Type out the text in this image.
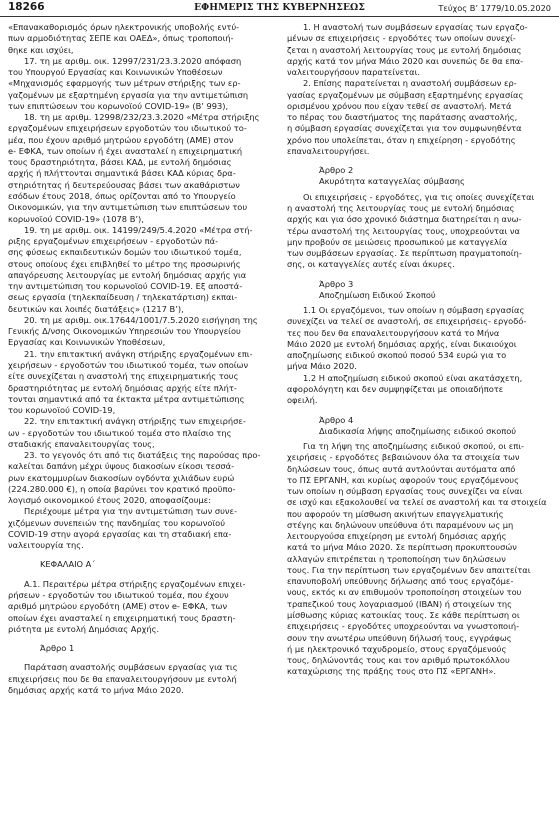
18266	ΕΦΗΜΕΡΙΣ ΤΗΣ ΚΥΒΕΡΝΗΣΕΩΣ	Τεύχος B’ 1779/10.05.2020
«Επανακαθορισμός όρων ηλεκτρονικής υποβολής εντύ-
πων αρμοδιότητας ΣΕΠΕ και ΟΑΕΔ», όπως τροποποιή-
θηκε και ισχύει,
17. τη με αριθμ. οικ. 12997/231/23.3.2020 απόφαση
του Υπουργού Εργασίας και Κοινωνικών Υποθέσεων
«Μηχανισμός εφαρμογής των μέτρων στήριξης των ερ-
γαζομένων με εξαρτημένη εργασία για την αντιμετώπιση
των επιπτώσεων του κορωνοϊού COVID-19» (Β’ 993),
18. τη με αριθμ. 12998/232/23.3.2020 «Μέτρα στήριξης
εργαζομένων επιχειρήσεων εργοδοτών του ιδιωτικού το-
μέα, που έχουν αριθμό μητρώου εργοδότη (ΑΜΕ) στον
e- ΕΦΚΑ, των οποίων ή έχει ανασταλεί η επιχειρηματική
τους δραστηριότητα, βάσει ΚΑΔ, με εντολή δημόσιας
αρχής ή πλήττονται σημαντικά βάσει ΚΑΔ κύριας δρα-
στηριότητας ή δευτερεύουσας βάσει των ακαθάριστων
εσόδων έτους 2018, όπως ορίζονται από το Υπουργείο
Οικονομικών, για την αντιμετώπιση των επιπτώσεων του
κορωνοϊού COVID-19» (1078 Β’),
19. τη με αριθμ. οικ. 14199/249/5.4.2020 «Μέτρα στή-
ριξης εργαζομένων επιχειρήσεων - εργοδοτών πά-
σης φύσεως εκπαιδευτικών δομών του ιδιωτικού τομέα,
στους οποίους έχει επιβληθεί το μέτρο της προσωρινής
απαγόρευσης λειτουργίας με εντολή δημόσιας αρχής για
την αντιμετώπιση του κορωνοϊού COVID-19. Εξ αποστά-
σεως εργασία (τηλεκπαίδευση / τηλεκατάρτιση) εκπαι-
δευτικών και λοιπές διατάξεις» (1217 Β’),
20. τη με αριθμ. οικ.17644/1001/7.5.2020 εισήγηση της
Γενικής Δ/νσης Οικονομικών Υπηρεσιών του Υπουργείου
Εργασίας και Κοινωνικών Υποθέσεων,
21. την επιτακτική ανάγκη στήριξης εργαζομένων επι-
χειρήσεων - εργοδοτών του ιδιωτικού τομέα, των οποίων
είτε συνεχίζεται η αναστολή της επιχειρηματικής τους
δραστηριότητας με εντολή δημόσιας αρχής είτε πλήτ-
τονται σημαντικά από τα έκτακτα μέτρα αντιμετώπισης
του κορωνοϊού COVID-19,
22. την επιτακτική ανάγκη στήριξης των επιχειρήσε-
ων - εργοδοτών του ιδιωτικού τομέα στο πλαίσιο της
σταδιακής επαναλειτουργίας τους,
23. το γεγονός ότι από τις διατάξεις της παρούσας προ-
καλείται δαπάνη μέχρι ύψους διακοσίων είκοσι τεσσά-
ρων εκατομμυρίων διακοσίων ογδόντα χιλιάδων ευρώ
(224.280.000 €), η οποία βαρύνει τον κρατικό προϋπο-
λογισμό οικονομικού έτους 2020, αποφασίζουμε:
Περιέχουμε μέτρα για την αντιμετώπιση των συνε-
χιζόμενων συνεπειών της πανδημίας του κορωνοϊού
COVID-19 στην αγορά εργασίας και τη σταδιακή επα-
ναλειτουργία της.
ΚΕΦΑΛΑΙΟ Α΄
Α.1. Περαιτέρω μέτρα στήριξης εργαζομένων επιχει-
ρήσεων - εργοδοτών του ιδιωτικού τομέα, που έχουν
αριθμό μητρώου εργοδότη (ΑΜΕ) στον e- ΕΦΚΑ, των
οποίων έχει ανασταλεί η επιχειρηματική τους δραστη-
ριότητα με εντολή Δημόσιας Αρχής.
Άρθρο 1
Παράταση αναστολής συμβάσεων εργασίας για τις
επιχειρήσεις που δε θα επαναλειτουργήσουν με εντολή
δημόσιας αρχής κατά το μήνα Μάιο 2020.
1. Η αναστολή των συμβάσεων εργασίας των εργαζο-
μένων σε επιχειρήσεις - εργοδότες των οποίων συνεχί-
ζεται η αναστολή λειτουργίας τους με εντολή δημόσιας
αρχής κατά τον μήνα Μάιο 2020 και συνεπώς δε θα επα-
ναλειτουργήσουν παρατείνεται.
2. Επίσης παρατείνεται η αναστολή συμβάσεων ερ-
γασίας εργαζομένων με σύμβαση εξαρτημένης εργασίας
ορισμένου χρόνου που είχαν τεθεί σε αναστολή. Μετά
το πέρας του διαστήματος της παράτασης αναστολής,
η σύμβαση εργασίας συνεχίζεται για τον συμφωνηθέντα
χρόνο που υπολείπεται, όταν η επιχείρηση - εργοδότης
επαναλειτουργήσει.
Άρθρο 2
Ακυρότητα καταγγελίας σύμβασης
Οι επιχειρήσεις - εργοδότες, για τις οποίες συνεχίζεται
η αναστολή της λειτουργίας τους με εντολή δημόσιας
αρχής και για όσο χρονικό διάστημα διατηρείται η ανω-
τέρω αναστολή της λειτουργίας τους, υποχρεούνται να
μην προβούν σε μειώσεις προσωπικού με καταγγελία
των συμβάσεων εργασίας. Σε περίπτωση πραγματοποίη-
σης, οι καταγγελίες αυτές είναι άκυρες.
Άρθρο 3
Αποζημίωση Ειδικού Σκοπού
1.1 Οι εργαζόμενοι, των οποίων η σύμβαση εργασίας
συνεχίζει να τελεί σε αναστολή, σε επιχειρήσεις- εργοδό-
τες που δεν θα επαναλειτουργήσουν κατά το Μήνα
Μάιο 2020 με εντολή δημόσιας αρχής, είναι δικαιούχοι
αποζημίωσης ειδικού σκοπού ποσού 534 ευρώ για το
μήνα Μάιο 2020.
1.2 Η αποζημίωση ειδικού σκοπού είναι ακατάσχετη,
αφορολόγητη και δεν συμψηφίζεται με οποιαδήποτε
οφειλή.
Άρθρο 4
Διαδικασία λήψης αποζημίωσης ειδικού σκοπού
Για τη λήψη της αποζημίωσης ειδικού σκοπού, οι επι-
χειρήσεις - εργοδότες βεβαιώνουν όλα τα στοιχεία των
δηλώσεων τους, όπως αυτά αντλούνται αυτόματα από
το ΠΣ ΕΡΓΑΝΗ, και κυρίως αφορούν τους εργαζόμενους
των οποίων η σύμβαση εργασίας τους συνεχίζει να είναι
σε ισχύ και εξακολουθεί να τελεί σε αναστολή και τα στοιχεία
που αφορούν τη μίσθωση ακινήτων επαγγελματικής
στέγης και δηλώνουν υπεύθυνα ότι παραμένουν ως μη
λειτουργούσα επιχείρηση με εντολή δημόσιας αρχής
κατά το μήνα Μάιο 2020. Σε περίπτωση προκυπτουσών
αλλαγών επιτρέπεται η τροποποίηση των δηλώσεων
τους. Για την περίπτωση των εργαζομένων δεν απαιτείται
επανυποβολή υπεύθυνης δήλωσης από τους εργαζόμε-
νους, εκτός κι αν επιθυμούν τροποποίηση στοιχείων του
τραπεζικού τους λογαριασμού (ΙΒΑΝ) ή στοιχείων της
μίσθωσης κύριας κατοικίας τους. Σε κάθε περίπτωση οι
επιχειρήσεις - εργοδότες υποχρεούνται να γνωστοποιή-
σουν την ανωτέρω υπεύθυνη δήλωσή τους, εγγράφως
ή με ηλεκτρονικό ταχυδρομείο, στους εργαζόμενούς
τους, δηλώνοντάς τους και τον αριθμό πρωτοκόλλου
καταχώρισης της πράξης τους στο ΠΣ «ΕΡΓΑΝΗ».
